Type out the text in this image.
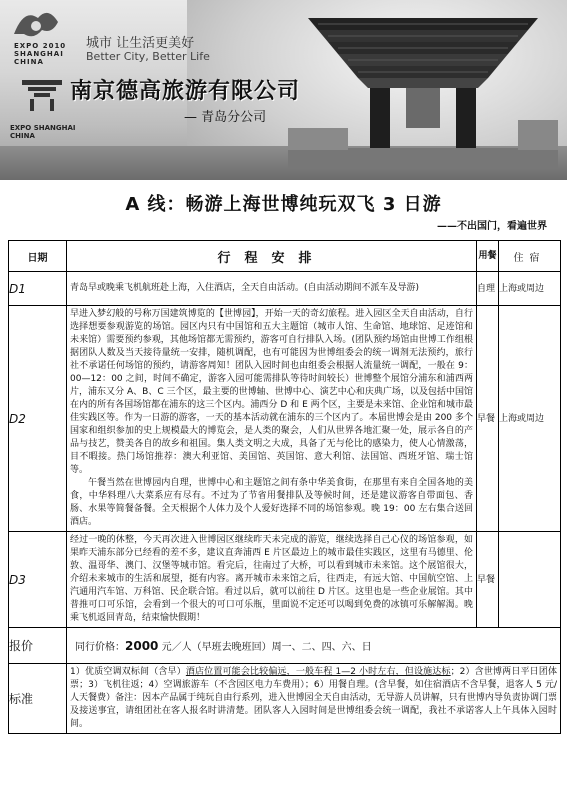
EXPO 2010 SHANGHAI CHINA
城市 让生活更美好
Better City, Better Life
南京德高旅游有限公司
— 青岛分公司
EXPO SHANGHAI CHINA
A 线：畅游上海世博纯玩双飞 3 日游
——不出国门，看遍世界
日期	行程安排	用餐	住宿
D1	青岛早或晚乘飞机航班赴上海，入住酒店，全天自由活动。(自由活动期间不派车及导游)	自理	上海或周边
D2	早进入梦幻般的号称万国建筑博览的【世博园】，开始一天的奇幻旅程。进入园区全天自由活动，自行选择想要参观游览的场馆。园区内只有中国馆和五大主题馆（城市人馆、生命馆、地球馆、足迹馆和未来馆）需要预约参观，其他场馆都无需预约，游客可自行排队入场。(团队预约场馆由世博工作组根据团队人数及当天接待量统一安排，随机调配，也有可能因为世博组委会的统一调剂无法预约，旅行社不承诺任何场馆的预约，请游客周知！团队入园时间也由组委会根据人流量统一调配，一般在 9：00—12：00 之间，时间不确定，游客入园可能需排队等待时间较长）世博整个展馆分浦东和浦西两片，浦东又分 A、B、C 三个区，最主要的世博轴、世博中心、演艺中心和庆典广场，以及包括中国馆在内的所有各国场馆都在浦东的这三个区内。浦西分 D 和 E 两个区，主要是未来馆、企业馆和城市最佳实践区等。作为一日游的游客，一天的基本活动就在浦东的三个区内了。本届世博会是由 200 多个国家和组织参加的史上规模最大的博览会，是人类的聚会，人们从世界各地汇聚一处，展示各自的产品与技艺，赞美各自的故乡和祖国。集人类文明之大成，具备了无与伦比的感染力，使人心情激荡，目不暇接。热门场馆推荐：澳大利亚馆、美国馆、英国馆、意大利馆、法国馆、西班牙馆、瑞士馆等。

午餐当然在世博园内自理，世博中心和主题馆之间有条中华美食街，在那里有来自全国各地的美食，中华料理八大菜系应有尽有。不过为了节省用餐排队及等候时间，还是建议游客自带面包、香肠、水果等简餐备餐。全天根据个人体力及个人爱好选择不同的场馆参观。晚 19：00 左右集合送回酒店。	早餐	上海或周边
D3	经过一晚的休整，今天再次进入世博园区继续昨天未完成的游览，继续选择自己心仪的场馆参观，如果昨天浦东部分已经看的差不多，建议直奔浦西 E 片区最边上的城市最佳实践区，这里有马德里、伦敦、温哥华、澳门、汉堡等城市馆。看完后，往南过了大桥，可以看到城市未来馆。这个展馆很大，介绍未来城市的生活和展望，挺有内容。离开城市未来馆之后，往西走，有远大馆、中国航空馆、上汽通用汽车馆、万科馆、民企联合馆。看过以后，就可以前往 D 片区。这里也是一些企业展馆。其中普推可口可乐馆，会看到一个很大的可口可乐瓶，里面说不定还可以喝到免费的冰镇可乐解解渴。晚乘飞机返回青岛，结束愉快假期！	早餐	
报价	同行价格：2000 元／人（早班去晚班回）周一、二、四、六、日		
标准	1）优质空调双标间（含早）酒店位置可能会比较偏远，一般车程 1—2 小时左右，但设施达标；2）含世博两日平日团体票；3）飞机往返；4）空调旅游车（不含园区电力车费用）；6）用餐自理。(含早餐，如住宿酒店不含早餐，退客人 5 元/人天餐费）备注：因本产品属于纯玩自由行系列，进入世博园全天自由活动，无导游人员讲解，只有世博内导负责协调门票及接送事宜，请组团社在客人报名时讲清楚。团队客人入园时间是世博组委会统一调配，我社不承诺客人上午具体入园时间。		
